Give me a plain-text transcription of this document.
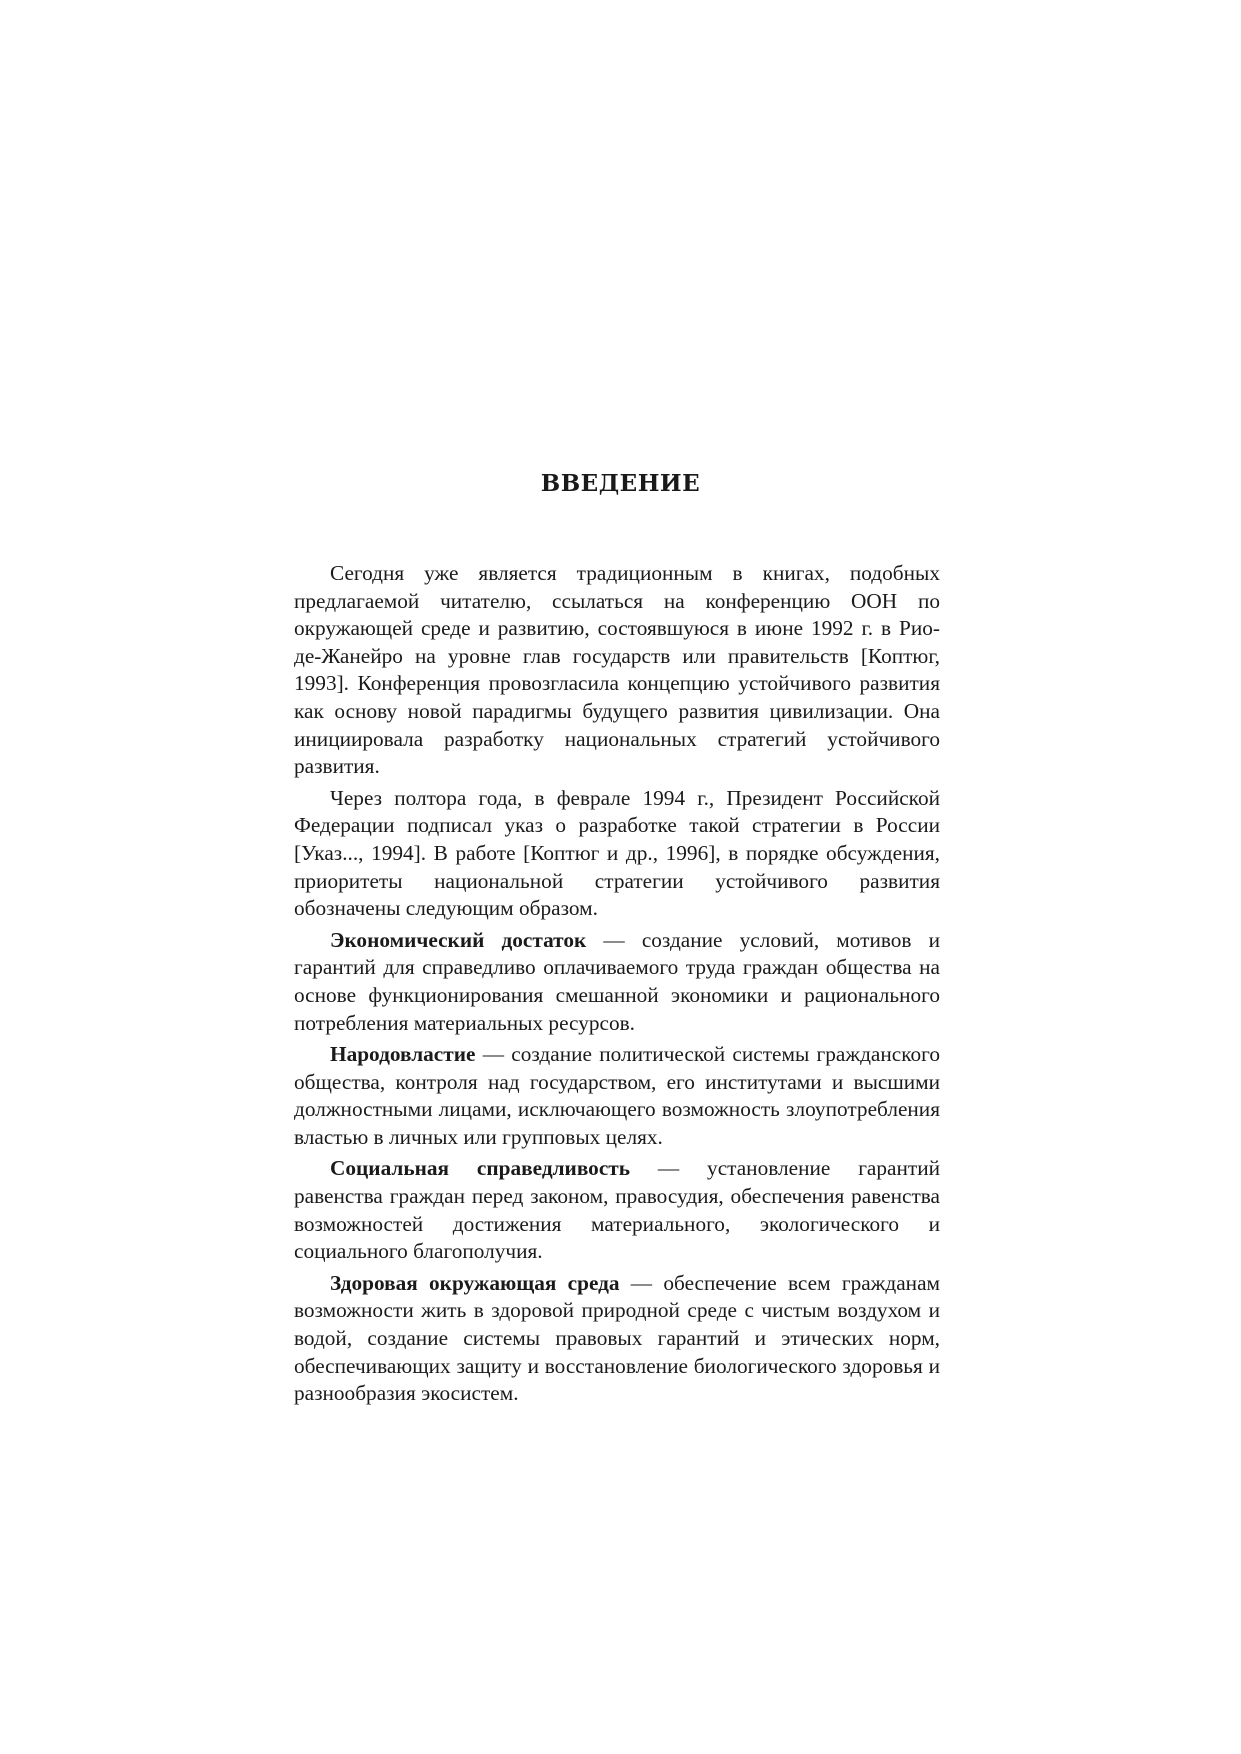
ВВЕДЕНИЕ

Сегодня уже является традиционным в книгах, подобных предлагаемой читателю, ссылаться на конференцию ООН по окружающей среде и развитию, состоявшуюся в июне 1992 г. в Рио-де-Жанейро на уровне глав государств или правительств [Коптюг, 1993]. Конференция провозгласила концепцию устойчивого развития как основу новой парадигмы будущего развития цивилизации. Она инициировала разработку национальных стратегий устойчивого развития.

Через полтора года, в феврале 1994 г., Президент Российской Федерации подписал указ о разработке такой стратегии в России [Указ..., 1994]. В работе [Коптюг и др., 1996], в порядке обсуждения, приоритеты национальной стратегии устойчивого развития обозначены следующим образом.

Экономический достаток — создание условий, мотивов и гарантий для справедливо оплачиваемого труда граждан общества на основе функционирования смешанной экономики и рационального потребления материальных ресурсов.

Народовластие — создание политической системы гражданского общества, контроля над государством, его институтами и высшими должностными лицами, исключающего возможность злоупотребления властью в личных или групповых целях.

Социальная справедливость — установление гарантий равенства граждан перед законом, правосудия, обеспечения равенства возможностей достижения материального, экологического и социального благополучия.

Здоровая окружающая среда — обеспечение всем гражданам возможности жить в здоровой природной среде с чистым воздухом и водой, создание системы правовых гарантий и этических норм, обеспечивающих защиту и восстановление биологического здоровья и разнообразия экосистем.
